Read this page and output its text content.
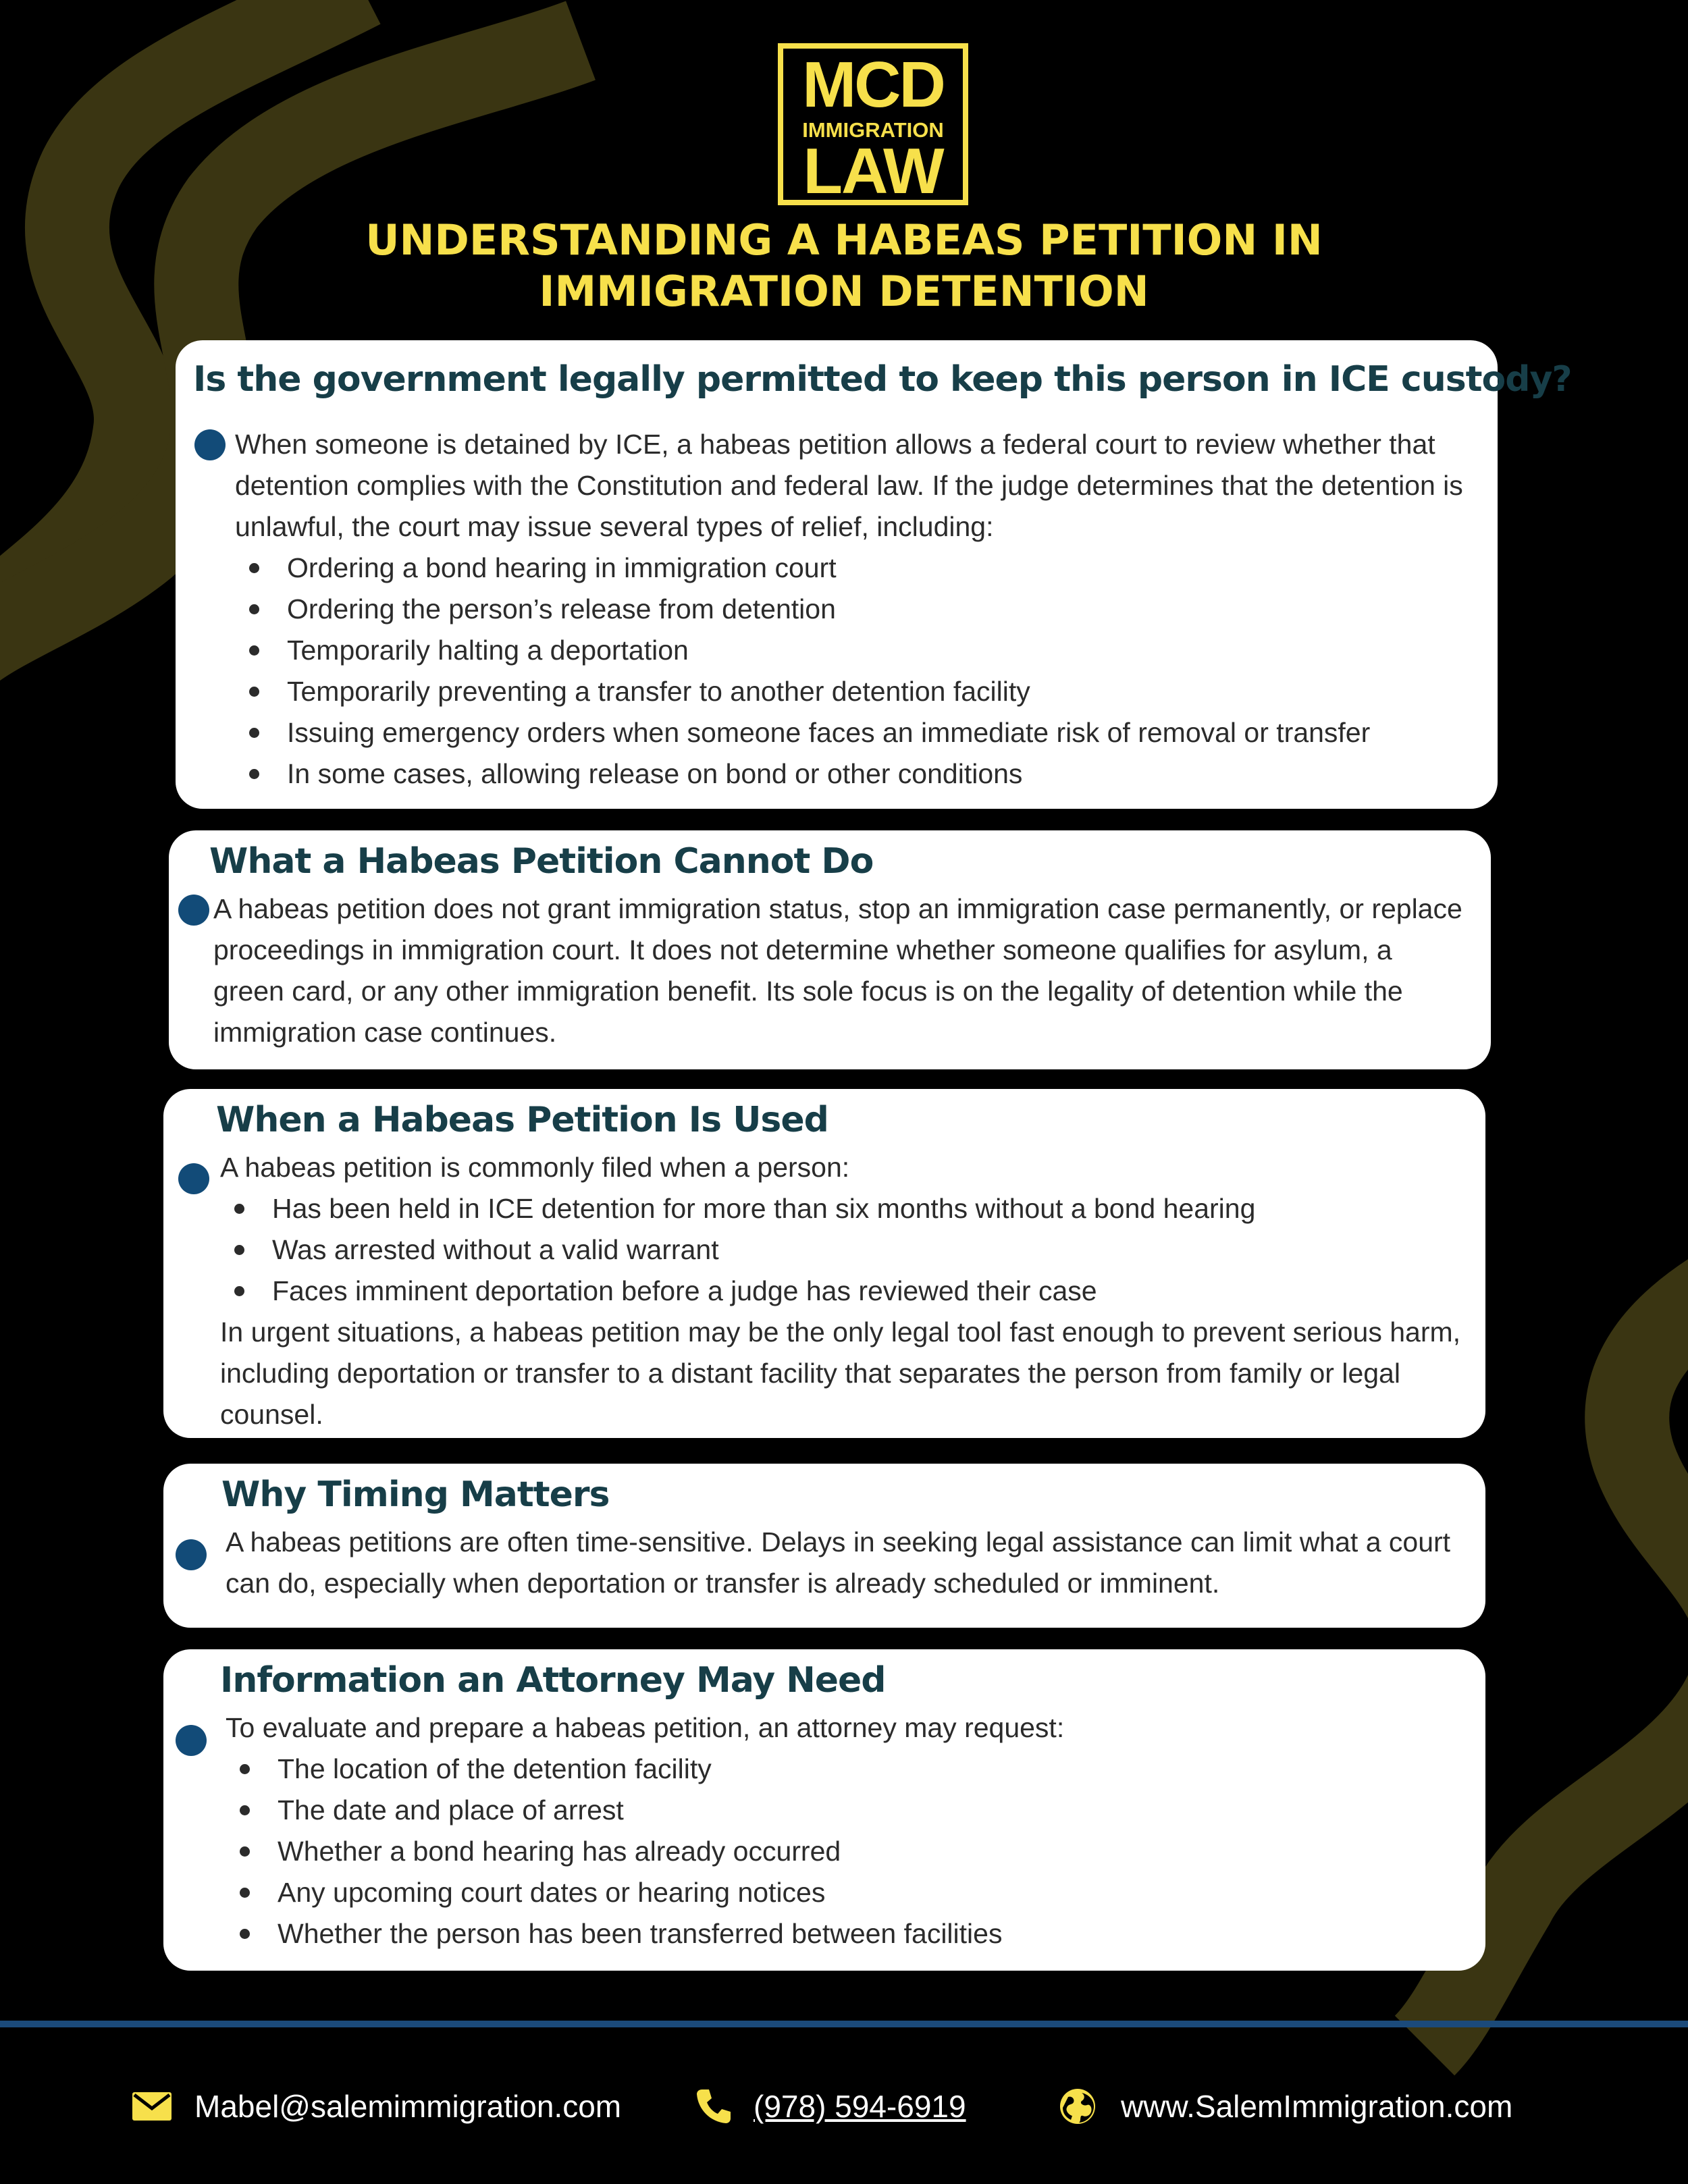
MCD
IMMIGRATION
LAW
UNDERSTANDING A HABEAS PETITION IN
IMMIGRATION DETENTION
Is the government legally permitted to keep this person in ICE custody?

When someone is detained by ICE, a habeas petition allows a federal court to review whether that detention complies with the Constitution and federal law. If the judge determines that the detention is unlawful, the court may issue several types of relief, including:

Ordering a bond hearing in immigration court
Ordering the person’s release from detention
Temporarily halting a deportation
Temporarily preventing a transfer to another detention facility
Issuing emergency orders when someone faces an immediate risk of removal or transfer
In some cases, allowing release on bond or other conditions
What a Habeas Petition Cannot Do

A habeas petition does not grant immigration status, stop an immigration case permanently, or replace proceedings in immigration court. It does not determine whether someone qualifies for asylum, a green card, or any other immigration benefit. Its sole focus is on the legality of detention while the immigration case continues.

When a Habeas Petition Is Used

A habeas petition is commonly filed when a person:

Has been held in ICE detention for more than six months without a bond hearing
Was arrested without a valid warrant
Faces imminent deportation before a judge has reviewed their case

In urgent situations, a habeas petition may be the only legal tool fast enough to prevent serious harm, including deportation or transfer to a distant facility that separates the person from family or legal counsel.

Why Timing Matters

A habeas petitions are often time-sensitive. Delays in seeking legal assistance can limit what a court can do, especially when deportation or transfer is already scheduled or imminent.

Information an Attorney May Need

To evaluate and prepare a habeas petition, an attorney may request:

The location of the detention facility
The date and place of arrest
Whether a bond hearing has already occurred
Any upcoming court dates or hearing notices
Whether the person has been transferred between facilities
Mabel@salemimmigration.com	(978) 594-6919	www.SalemImmigration.com
